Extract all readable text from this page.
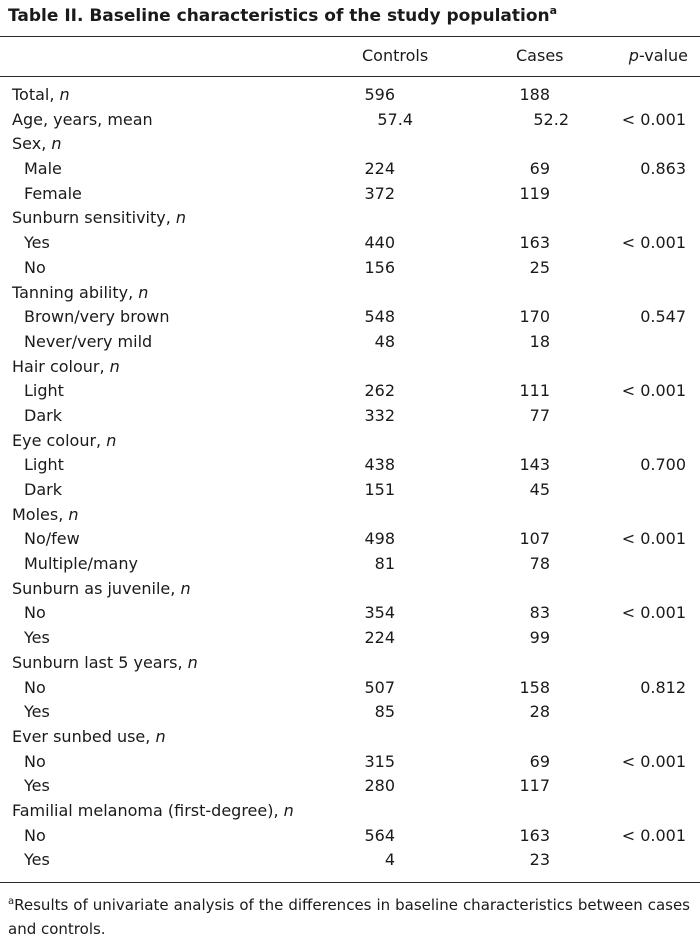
Table II. Baseline characteristics of the study population$^a$
Controls	Cases	p-value
Total, n	596	188
Age, years, mean	57.4	52.2	< 0.001
Sex, n
Male	224	69	0.863
Female	372	119
Sunburn sensitivity, n
Yes	440	163	< 0.001
No	156	25
Tanning ability, n
Brown/very brown	548	170	0.547
Never/very mild	48	18
Hair colour, n
Light	262	111	< 0.001
Dark	332	77
Eye colour, n
Light	438	143	0.700
Dark	151	45
Moles, n
No/few	498	107	< 0.001
Multiple/many	81	78
Sunburn as juvenile, n
No	354	83	< 0.001
Yes	224	99
Sunburn last 5 years, n
No	507	158	0.812
Yes	85	28
Ever sunbed use, n
No	315	69	< 0.001
Yes	280	117
Familial melanoma (first-degree), n
No	564	163	< 0.001
Yes	4	23
$^a$Results of univariate analysis of the differences in baseline characteristics between cases and controls.
